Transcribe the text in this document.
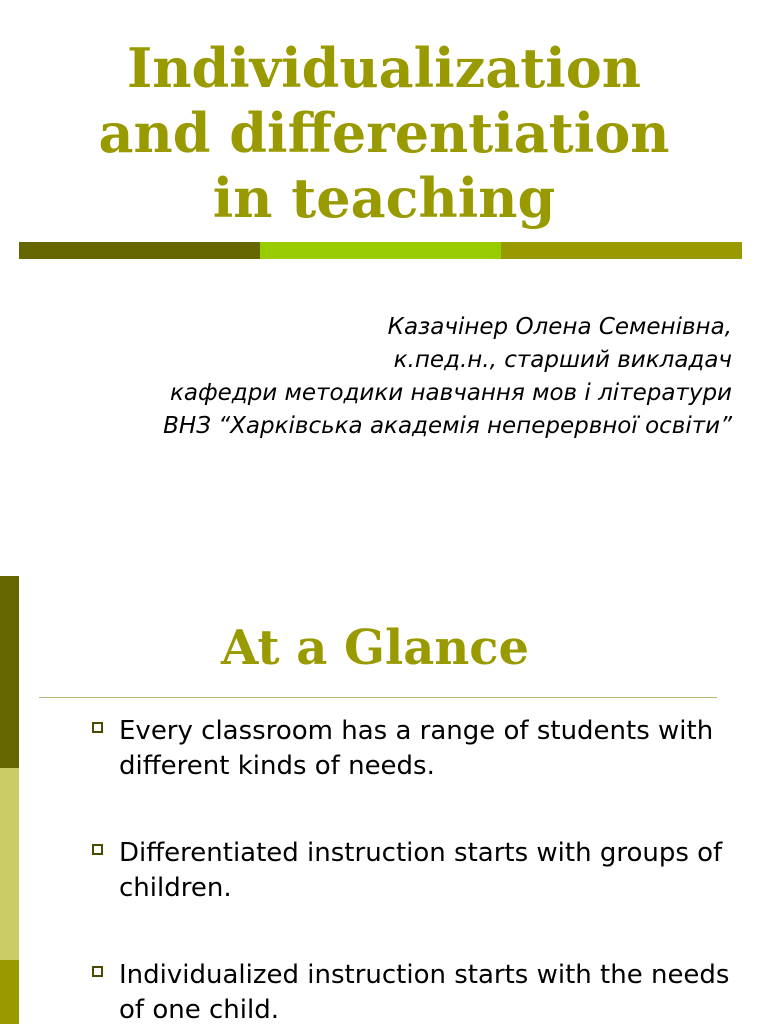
Individualization
and differentiation
in teaching
Казачінер Олена Семенівна,
к.пед.н., старший викладач
кафедри методики навчання мов і літератури
ВНЗ “Харківська академія неперервної освіти”
At a Glance
Every classroom has a range of students with different kinds of needs.
Differentiated instruction starts with groups of children.
Individualized instruction starts with the needs of one child.
